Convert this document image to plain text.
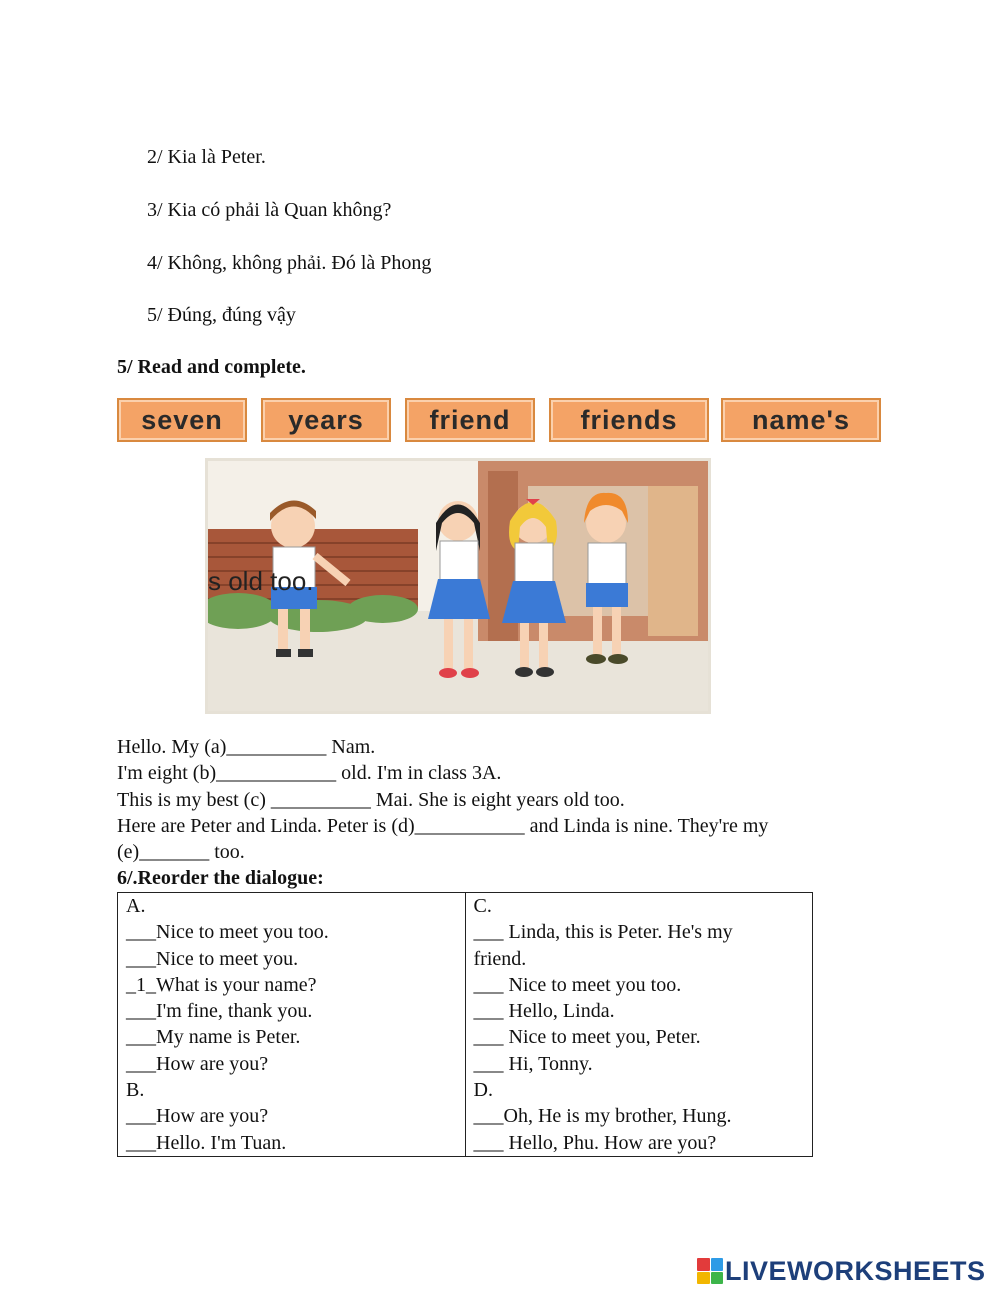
2/ Kia là Peter.
3/ Kia có phải là Quan không?
4/ Không, không phải. Đó là Phong
5/ Đúng, đúng vậy
5/ Read and complete.
seven	years	friend	friends	name's
s old too.
Hello. My (a)__________ Nam.
I'm eight (b)____________ old. I'm in class 3A.
This is my best (c) __________ Mai. She is eight years old too.
Here are Peter and Linda. Peter is (d)___________ and Linda is nine. They're my
(e)_______ too.
6/.Reorder the dialogue:
A.
___Nice to meet you too.
___Nice to meet you.
_1_What is your name?
___I'm fine, thank you.
___My name is Peter.
___How are you?
B.
___How are you?
___Hello. I'm Tuan.

C.
___ Linda, this is Peter. He's my
friend.
___ Nice to meet you too.
___ Hello, Linda.
___ Nice to meet you, Peter.
___ Hi, Tonny.
D.
___Oh, He is my brother, Hung.
___ Hello, Phu. How are you?
LIVEWORKSHEETS
